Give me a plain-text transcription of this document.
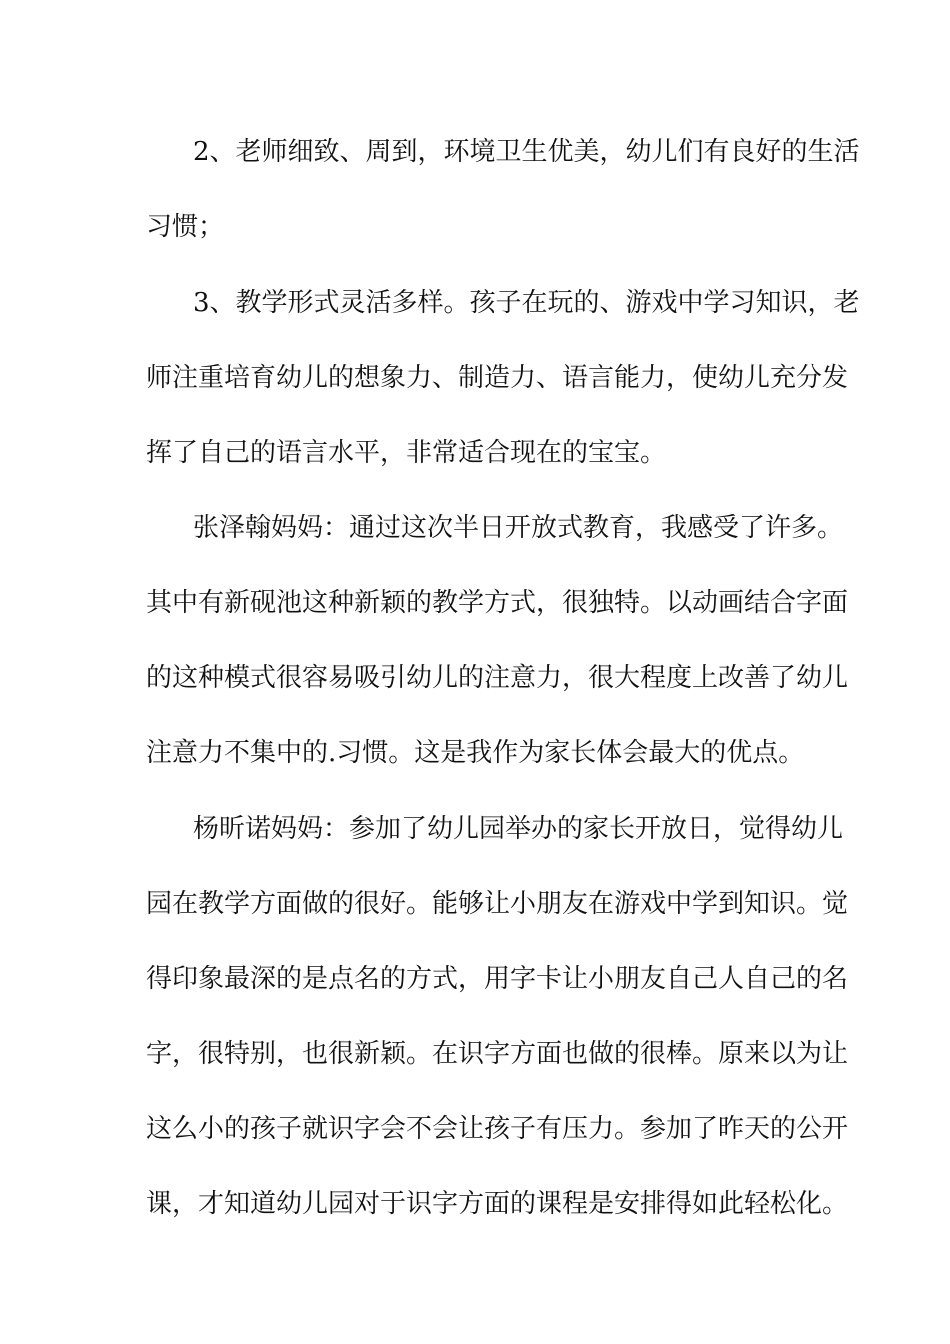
2、老师细致、周到，环境卫生优美，幼儿们有良好的生活
习惯；
3、教学形式灵活多样。孩子在玩的、游戏中学习知识，老
师注重培育幼儿的想象力、制造力、语言能力，使幼儿充分发
挥了自己的语言水平，非常适合现在的宝宝。
张泽翰妈妈：通过这次半日开放式教育，我感受了许多。
其中有新砚池这种新颖的教学方式，很独特。以动画结合字面
的这种模式很容易吸引幼儿的注意力，很大程度上改善了幼儿
注意力不集中的.习惯。这是我作为家长体会最大的优点。
杨昕诺妈妈：参加了幼儿园举办的家长开放日，觉得幼儿
园在教学方面做的很好。能够让小朋友在游戏中学到知识。觉
得印象最深的是点名的方式，用字卡让小朋友自己人自己的名
字，很特别，也很新颖。在识字方面也做的很棒。原来以为让
这么小的孩子就识字会不会让孩子有压力。参加了昨天的公开
课，才知道幼儿园对于识字方面的课程是安排得如此轻松化。
